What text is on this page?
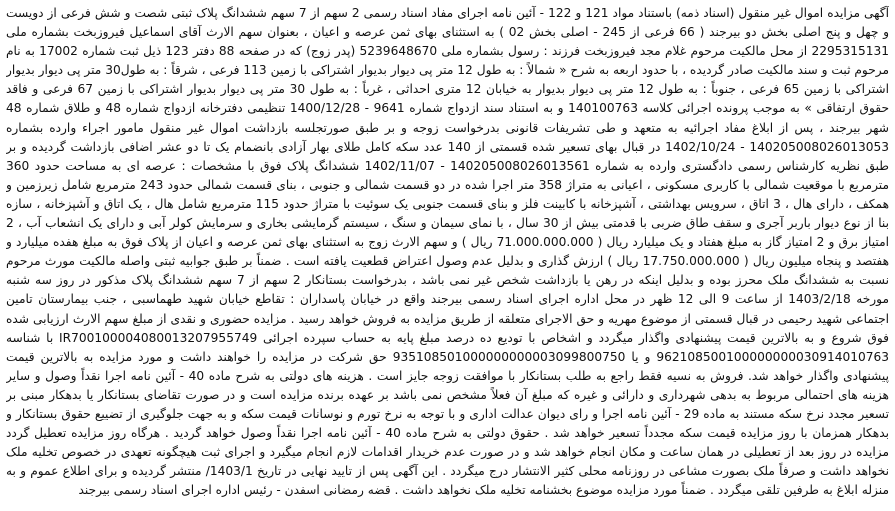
آگهی مزایده اموال غیر منقول (اسناد ذمه) باستناد مواد 121 و 122 - آئین نامه اجرای مفاد اسناد رسمی 2 سهم از 7 سهم ششدانگ پلاک ثبتی شصت و شش فرعی از دویست و چهل و پنج اصلی بخش دو بیرجند ( 66 فرعی از 245 - اصلی بخش 02 ) به استثنای بهای ثمن عرصه و اعیان ، بعنوان سهم الارث آقای اسماعیل فیروزبخت بشماره ملی 2295315131 از محل مالکیت مرحوم غلام مجد فیروزبخت فرزند : رسول بشماره ملی 5239648670 (پدر زوج) که در صفحه 88 دفتر 123 ذیل ثبت شماره 17002 به نام مرحوم ثبت و سند مالکیت صادر گردیده ، با حدود اربعه به شرح « شمالاً : به طول 12 متر پی دیوار بدیوار اشتراکی با زمین 113 فرعی ، شرقاً : به طول30 متر پی دیوار بدیوار اشتراکی با زمین 65 فرعی ، جنوباً : به طول 12 متر پی دیوار بدیوار به خیابان 12 متری احداثی ، غرباً : به طول 30 متر پی دیوار بدیوار اشتراکی با زمین 67 فرعی و فاقد حقوق ارتفاقی » به موجب پرونده اجرائی کلاسه 140100763 و به استناد سند ازدواج شماره 9641 - 1400/12/28 تنظیمی دفترخانه ازدواج شماره 48 و طلاق شماره 48 شهر بیرجند ، پس از ابلاغ مفاد اجرائیه به متعهد و طی تشریفات قانونی بدرخواست زوجه و بر طبق صورتجلسه بازداشت اموال غیر منقول مامور اجراء وارده بشماره 140205008026013053 - 1402/10/24 در قبال بهای تسعیر شده قسمتی از 140 عدد سکه کامل طلای بهار آزادی بانضمام یک تا دو عشر اضافی بازداشت گردیده و بر طبق نظریه کارشناس رسمی دادگستری وارده به شماره 140205008026013561 - 1402/11/07 ششدانگ پلاک فوق با مشخصات : عرصه ای به مساحت حدود 360 مترمربع با موقعیت شمالی با کاربری مسکونی ، اعیانی به متراژ 358 متر اجرا شده در دو قسمت شمالی و جنوبی ، بنای قسمت شمالی حدود 243 مترمربع شامل زیرزمین و همکف ، دارای هال ، 3 اتاق ، سرویس بهداشتی ، آشپزخانه با کابینت فلز و بنای قسمت جنوبی یک سوئیت با متراژ حدود 115 مترمربع شامل هال ، یک اتاق و آشپزخانه ، سازه بنا از نوع دیوار باربر آجری و سقف طاق ضربی با قدمتی بیش از 30 سال ، با نمای سیمان و سنگ ، سیستم گرمایشی بخاری و سرمایش کولر آبی و دارای یک انشعاب آب ، 2 امتیاز برق و 2 امتیاز گاز به مبلغ هفتاد و یک میلیارد ریال ( 71.000.000.000 ریال ) و سهم الارث زوج به استثنای بهای ثمن عرصه و اعیان از پلاک فوق به مبلغ هفده میلیارد و هفتصد و پنجاه میلیون ریال ( 17.750.000.000 ریال ) ارزش گذاری و بدلیل عدم وصول اعتراض قطعیت یافته است . ضمناً بر طبق جوابیه ثبتی واصله مالکیت مورث مرحوم نسبت به ششدانگ ملک محرز بوده و بدلیل اینکه در رهن یا بازداشت شخص غیر نمی باشد ، بدرخواست بستانکار 2 سهم از 7 سهم ششدانگ پلاک مذکور در روز سه شنبه مورخه 1403/2/18 از ساعت 9 الی 12 ظهر در محل اداره اجرای اسناد رسمی بیرجند واقع در خیابان پاسداران : تقاطع خیابان شهید طهماسبی ، جنب بیمارستان تامین اجتماعی شهید رحیمی در قبال قسمتی از موضوع مهریه و حق الاجرای متعلقه از طریق مزایده به فروش خواهد رسید . مزایده حضوری و نقدی از مبلغ سهم الارث ارزیابی شده فوق شروع و به بالاترین قیمت پیشنهادی واگذار میگردد و اشخاص با تودیع ده درصد مبلغ پایه به حساب سپرده اجرائی IR700100004080013207955749 با شناسه 962108500100000000030914010763 و یا 935108501000000000003099800750 حق شرکت در مزایده را خواهند داشت و مورد مزایده به بالاترین قیمت پیشنهادی واگذار خواهد شد. فروش به نسیه فقط راجع به طلب بستانکار با موافقت زوجه جایز است . هزینه های دولتی به شرح ماده 40 - آئین نامه اجرا نقداً وصول و سایر هزینه های احتمالی مربوط به بدهی شهرداری و دارائی و غیره که مبلغ آن فعلاً مشخص نمی باشد بر عهده برنده مزایده است و در صورت تقاضای بستانکار یا بدهکار مبنی بر تسعیر مجدد نرخ سکه مستند به ماده 29 - آئین نامه اجرا و رای دیوان عدالت اداری و با توجه به نرخ تورم و نوسانات قیمت سکه و به جهت جلوگیری از تضییع حقوق بستانکار و بدهکار همزمان با روز مزایده قیمت سکه مجدداً تسعیر خواهد شد . حقوق دولتی به شرح ماده 40 - آئین نامه اجرا نقداً وصول خواهد گردید . هرگاه روز مزایده تعطیل گردد مزایده در روز بعد از تعطیلی در همان ساعت و مکان انجام خواهد شد و در صورت عدم خریدار اقدامات لازم انجام میگیرد و اجرای ثبت هیچگونه تعهدی در خصوص تخلیه ملک نخواهد داشت و صرفاً ملک بصورت مشاعی در روزنامه محلی کثیر الانتشار درج میگردد . این آگهی پس از تایید نهایی در تاریخ 1403/1/ منتشر گردیده و برای اطلاع عموم و به منزله ابلاغ به طرفین تلقی میگردد . ضمناً مورد مزایده موضوع بخشنامه تخلیه ملک نخواهد داشت . قضه رمضانی اسفدن - رئیس اداره اجرای اسناد رسمی بیرجند
